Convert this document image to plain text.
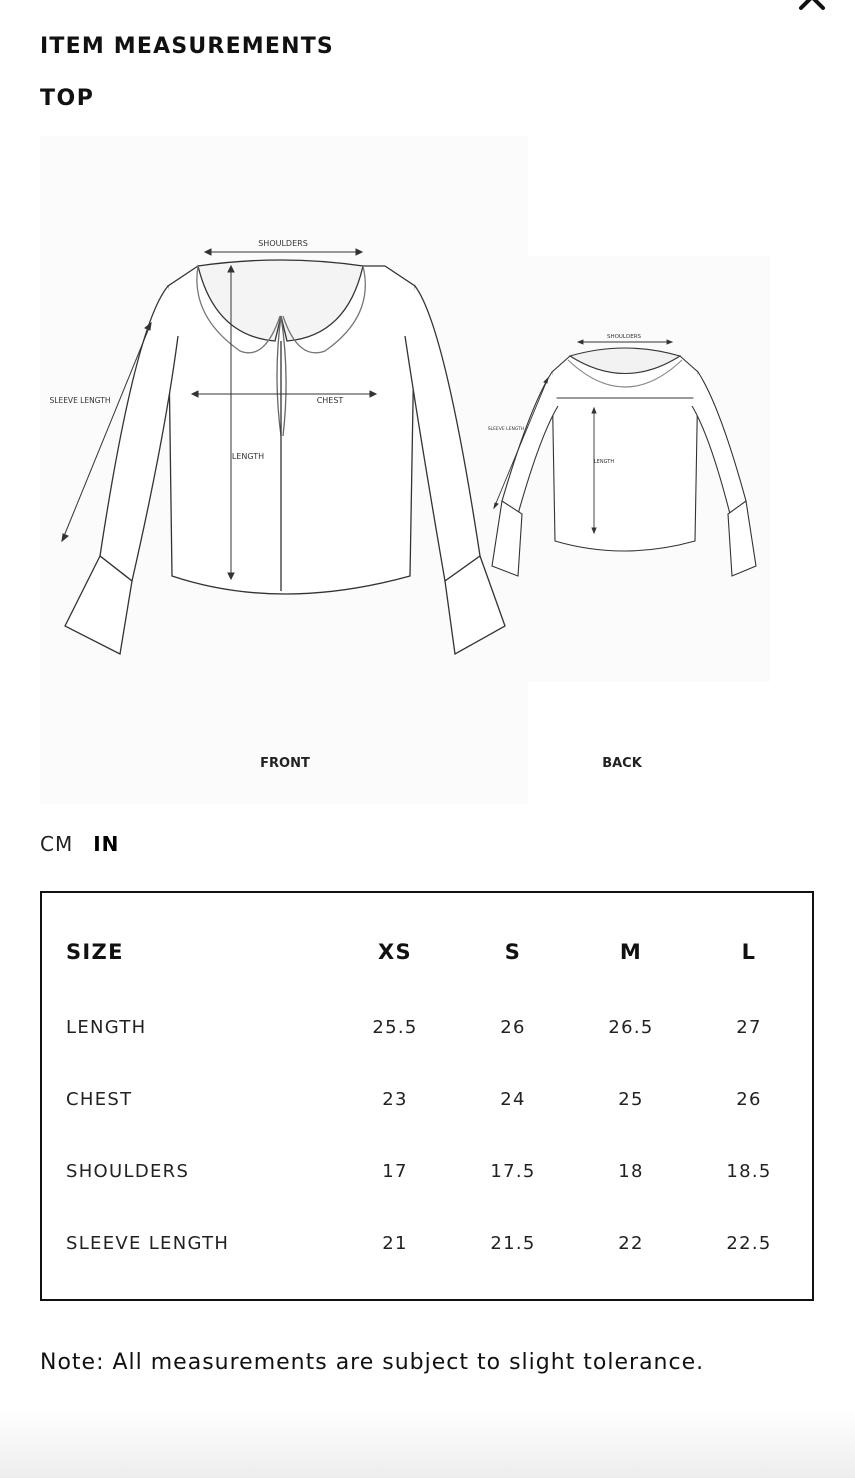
ITEM MEASUREMENTS
TOP
SHOULDERS
CHEST
LENGTH
SLEEVE LENGTH
SHOULDERS
LENGTH
SLEEVE LENGTH
FRONT	BACK
CM IN
SIZE	XS	S	M	L
LENGTH	25.5	26	26.5	27
CHEST	23	24	25	26
SHOULDERS	17	17.5	18	18.5
SLEEVE LENGTH	21	21.5	22	22.5

Note: All measurements are subject to slight tolerance.
